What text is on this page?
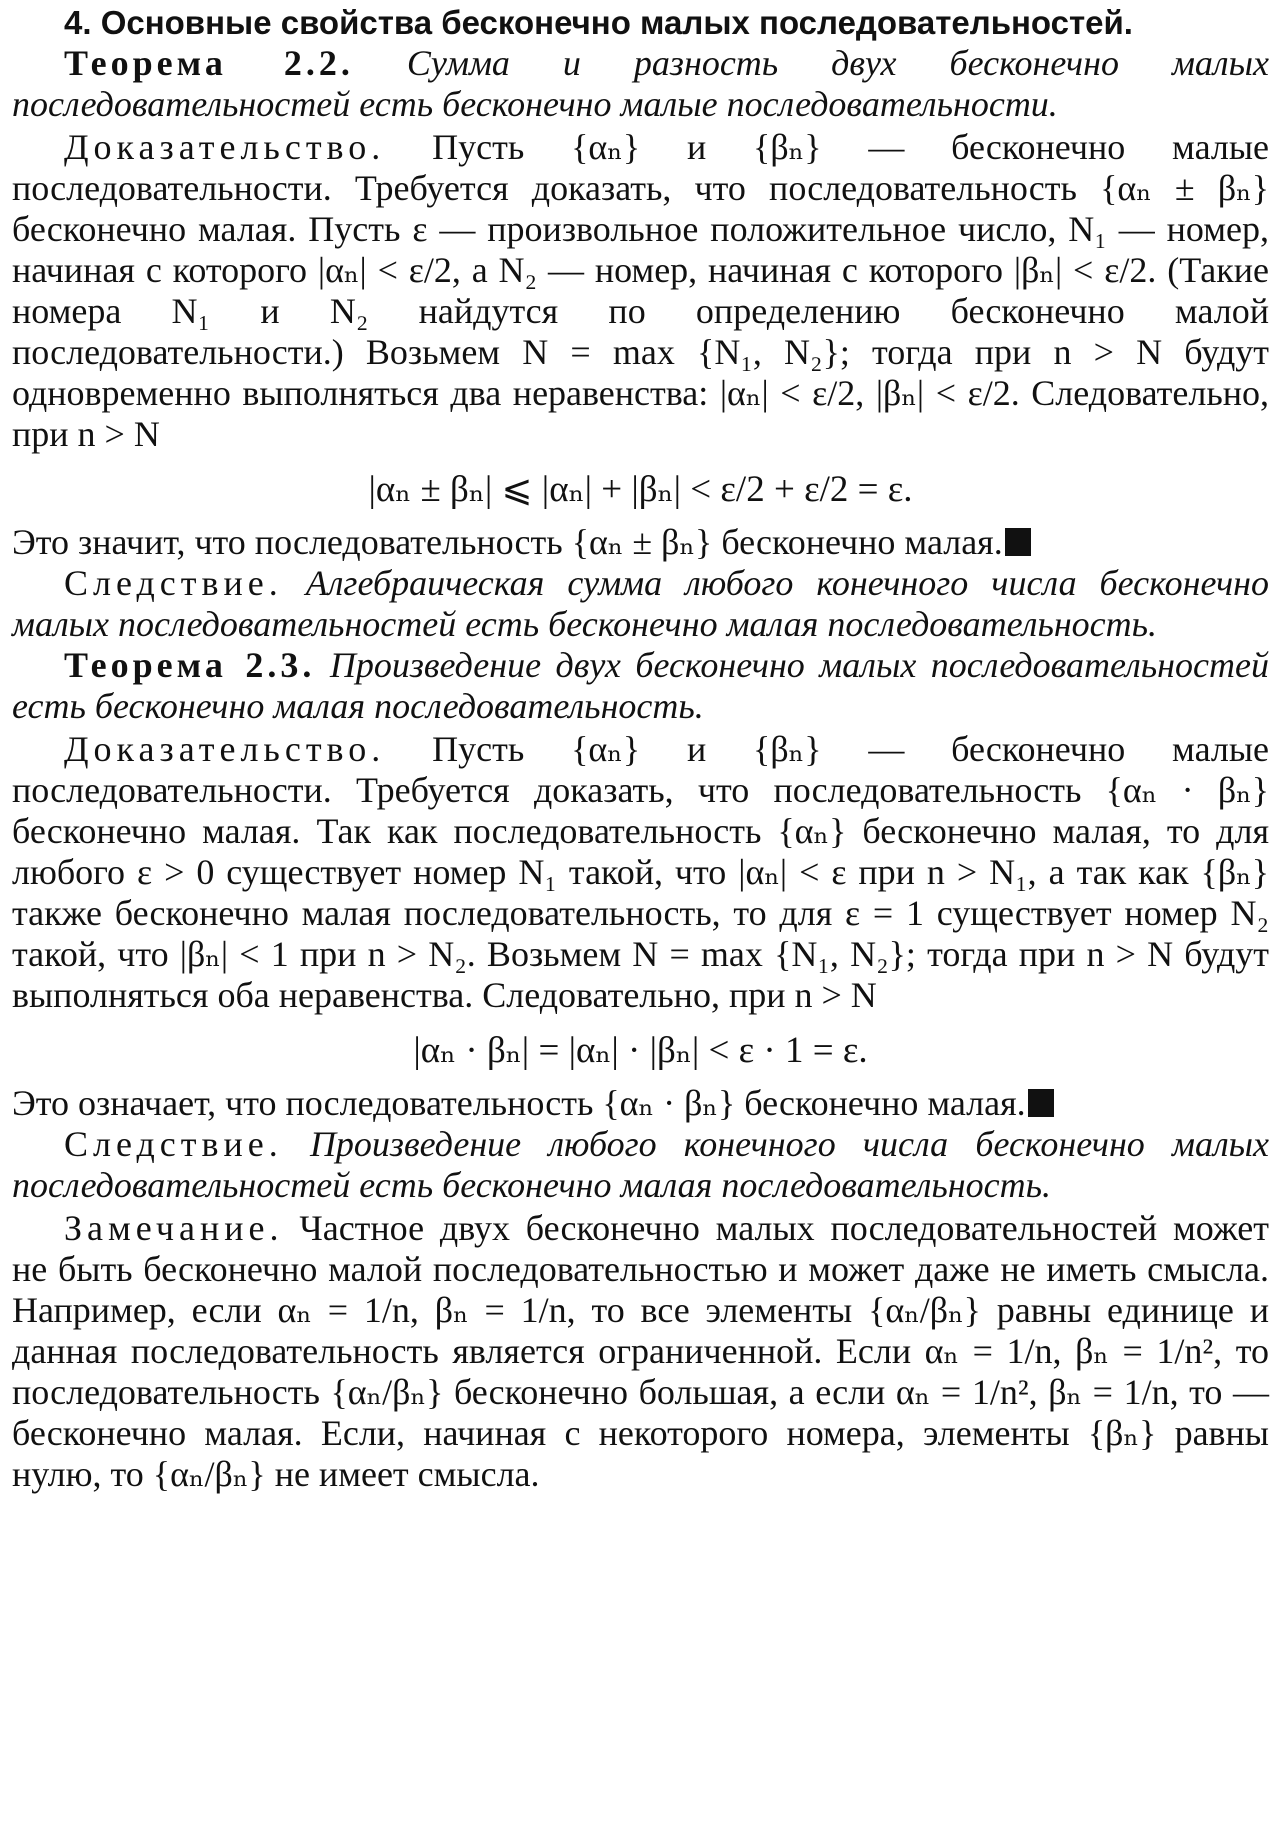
4. Основные свойства бесконечно малых последовательностей.

Теорема 2.2. Сумма и разность двух бесконечно малых последовательностей есть бесконечно малые последовательности.

Доказательство. Пусть {αₙ} и {βₙ} — бесконечно малые последовательности. Требуется доказать, что последовательность {αₙ ± βₙ} бесконечно малая. Пусть ε — произвольное положительное число, N₁ — номер, начиная с которого |αₙ| < ε/2, а N₂ — номер, начиная с которого |βₙ| < ε/2. (Такие номера N₁ и N₂ найдутся по определению бесконечно малой последовательности.) Возьмем N = max {N₁, N₂}; тогда при n > N будут одновременно выполняться два неравенства: |αₙ| < ε/2, |βₙ| < ε/2. Следовательно, при n > N

|αₙ ± βₙ| ⩽ |αₙ| + |βₙ| < ε/2 + ε/2 = ε.

Это значит, что последовательность {αₙ ± βₙ} бесконечно малая.

Следствие. Алгебраическая сумма любого конечного числа бесконечно малых последовательностей есть бесконечно малая последовательность.

Теорема 2.3. Произведение двух бесконечно малых последовательностей есть бесконечно малая последовательность.

Доказательство. Пусть {αₙ} и {βₙ} — бесконечно малые последовательности. Требуется доказать, что последовательность {αₙ · βₙ} бесконечно малая. Так как последовательность {αₙ} бесконечно малая, то для любого ε > 0 существует номер N₁ такой, что |αₙ| < ε при n > N₁, а так как {βₙ} также бесконечно малая последовательность, то для ε = 1 существует номер N₂ такой, что |βₙ| < 1 при n > N₂. Возьмем N = max {N₁, N₂}; тогда при n > N будут выполняться оба неравенства. Следовательно, при n > N

|αₙ · βₙ| = |αₙ| · |βₙ| < ε · 1 = ε.

Это означает, что последовательность {αₙ · βₙ} бесконечно малая.

Следствие. Произведение любого конечного числа бесконечно малых последовательностей есть бесконечно малая последовательность.

Замечание. Частное двух бесконечно малых последовательностей может не быть бесконечно малой последовательностью и может даже не иметь смысла. Например, если αₙ = 1/n, βₙ = 1/n, то все элементы {αₙ/βₙ} равны единице и данная последовательность является ограниченной. Если αₙ = 1/n, βₙ = 1/n², то последовательность {αₙ/βₙ} бесконечно большая, а если αₙ = 1/n², βₙ = 1/n, то — бесконечно малая. Если, начиная с некоторого номера, элементы {βₙ} равны нулю, то {αₙ/βₙ} не имеет смысла.
